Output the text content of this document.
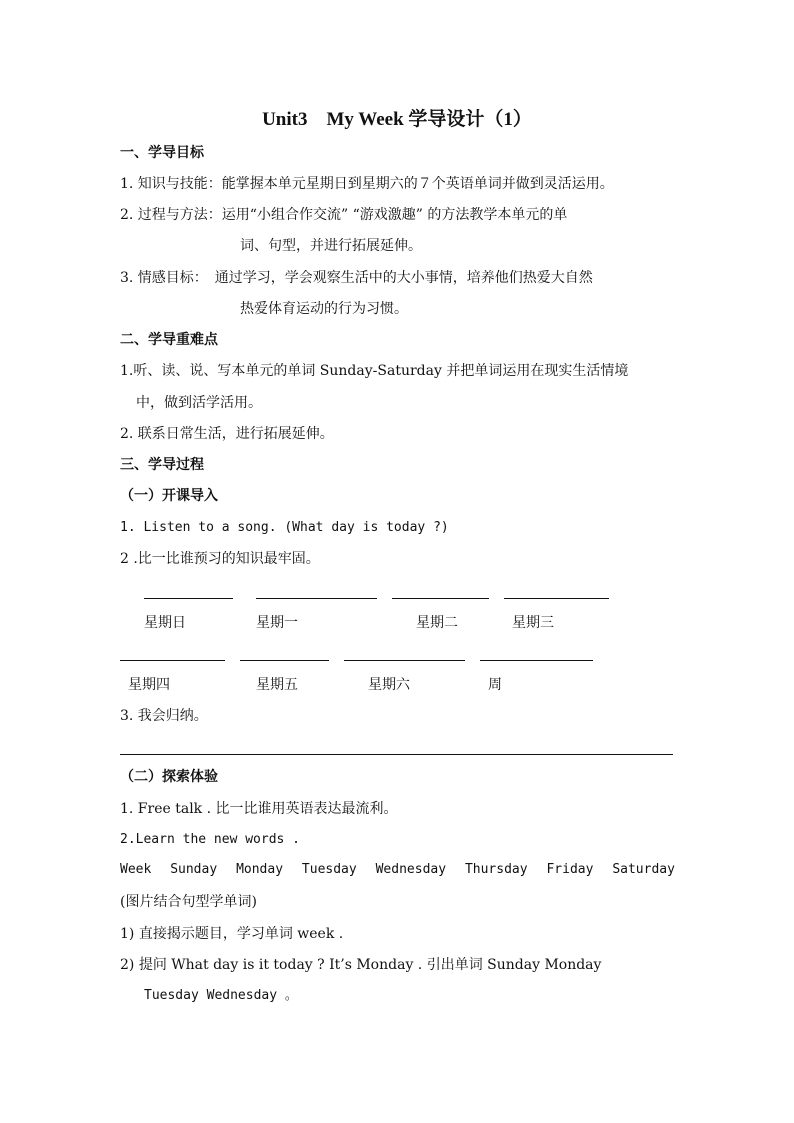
Unit3　My Week 学导设计（1）
一、学导目标
1. 知识与技能：能掌握本单元星期日到星期六的７个英语单词并做到灵活运用。
2. 过程与方法：运用“小组合作交流” “游戏激趣” 的方法教学本单元的单
词、句型，并进行拓展延伸。
3. 情感目标：　通过学习，学会观察生活中的大小事情，培养他们热爱大自然
热爱体育运动的行为习惯。
二、学导重难点
1.听、读、说、写本单元的单词 Sunday-Saturday 并把单词运用在现实生活情境
中，做到活学活用。
2. 联系日常生活，进行拓展延伸。
三、学导过程
（一）开课导入
1. Listen to a song. (What day is today ?)
2 .比一比谁预习的知识最牢固。
星期日	星期一	星期二	星期三
星期四	星期五	星期六	周
3. 我会归纳。
（二）探索体验
1. Free talk . 比一比谁用英语表达最流利。
2.Learn the new words .
Week Sunday Monday Tuesday Wednesday Thursday Friday Saturday
(图片结合句型学单词)
1) 直接揭示题目，学习单词 week .
2) 提问 What day is it today ? It’s Monday . 引出单词 Sunday Monday
Tuesday Wednesday 。
